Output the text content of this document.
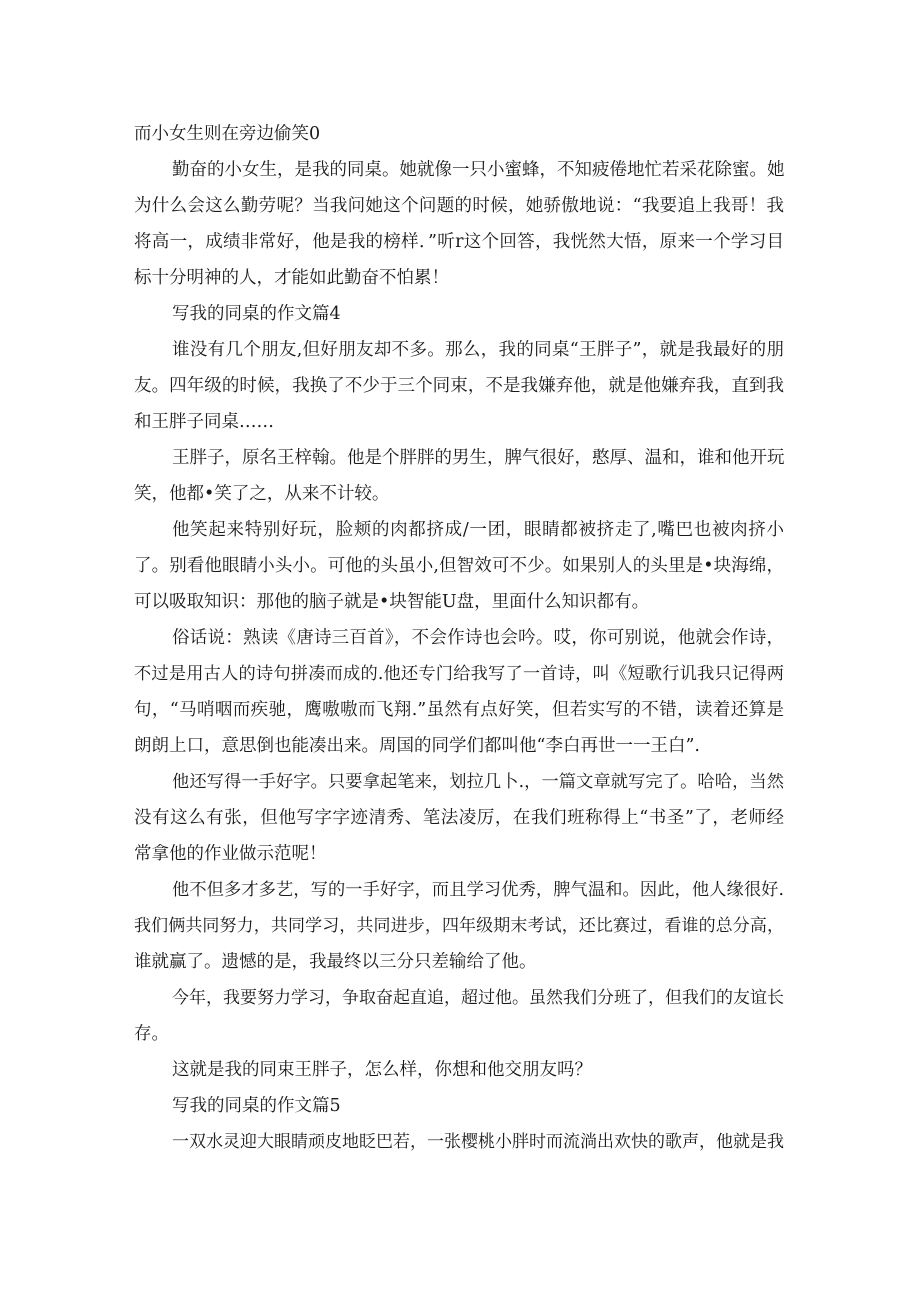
而小女生则在旁边偷笑0

勤奋的小女生，是我的同桌。她就像一只小蜜蜂，不知疲倦地忙若采花除蜜。她
为什么会这么勤劳呢？当我问她这个问题的时候，她骄傲地说：“我要追上我哥！我
将高一，成绩非常好，他是我的榜样．”听r这个回答，我恍然大悟，原来一个学习目
标十分明神的人，才能如此勤奋不怕累！

写我的同桌的作文篇4

谁没有几个朋友,但好朋友却不多。那么，我的同桌“王胖子”，就是我最好的朋
友。四年级的时候，我换了不少于三个同束，不是我嫌弃他，就是他嫌弃我，直到我
和王胖子同桌……

王胖子，原名王梓翰。他是个胖胖的男生，脾气很好，憨厚、温和，谁和他开玩
笑，他都•笑了之，从来不计较。

他笑起来特别好玩，脸颊的肉都挤成/一团，眼睛都被挤走了,嘴巴也被肉挤小
了。别看他眼睛小头小。可他的头虽小,但智效可不少。如果别人的头里是•块海绵，
可以吸取知识：那他的脑子就是•块智能U盘，里面什么知识都有。

俗话说：熟读《唐诗三百首》，不会作诗也会吟。哎，你可别说，他就会作诗，
不过是用古人的诗句拼凑而成的.他还专门给我写了一首诗，叫《短歌行讥我只记得两
句，“马哨咽而疾驰，鹰嗷嗷而飞翔.”虽然有点好笑，但若实写的不错，读着还算是
朗朗上口，意思倒也能凑出来。周国的同学们都叫他“李白再世一一王白”.

他还写得一手好字。只要拿起笔来，划拉几卜.，一篇文章就写完了。哈哈，当然
没有这么有张，但他写字字迹清秀、笔法凌厉，在我们班称得上“书圣”了，老师经
常拿他的作业做示范呢！

他不但多才多艺，写的一手好字，而且学习优秀，脾气温和。因此，他人缘很好.
我们俩共同努力，共同学习，共同进步，四年级期末考试，还比赛过，看谁的总分高，
谁就赢了。遗憾的是，我最终以三分只差输给了他。

今年，我要努力学习，争取奋起直追，超过他。虽然我们分班了，但我们的友谊长
存。

这就是我的同束王胖子，怎么样，你想和他交朋友吗？

写我的同桌的作文篇5

一双水灵迎大眼睛顽皮地眨巴若，一张樱桃小胖时而流淌出欢快的歌声，他就是我
